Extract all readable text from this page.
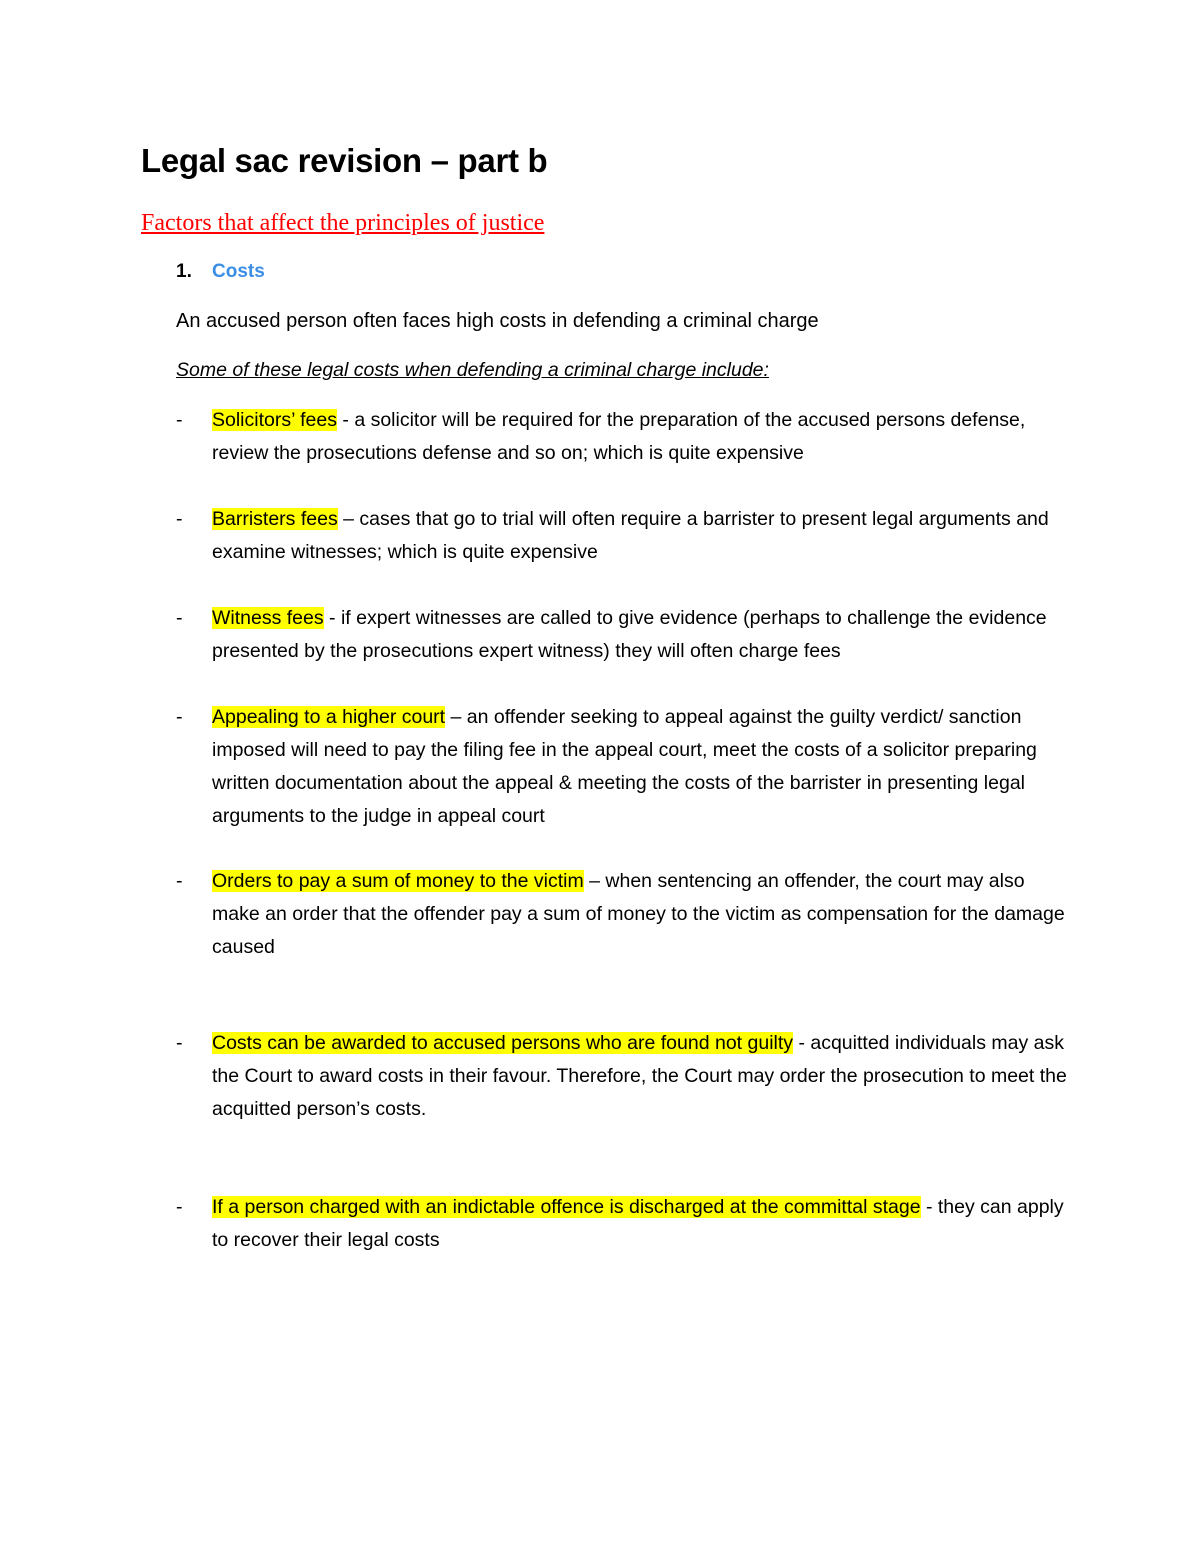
Legal sac revision – part b

Factors that affect the principles of justice

1. Costs
An accused person often faces high costs in defending a criminal charge
Some of these legal costs when defending a criminal charge include:
-	Solicitors’ fees - a solicitor will be required for the preparation of the accused persons defense, review the prosecutions defense and so on; which is quite expensive
-	Barristers fees – cases that go to trial will often require a barrister to present legal arguments and examine witnesses; which is quite expensive
-	Witness fees - if expert witnesses are called to give evidence (perhaps to challenge the evidence presented by the prosecutions expert witness) they will often charge fees
-	Appealing to a higher court – an offender seeking to appeal against the guilty verdict/ sanction imposed will need to pay the filing fee in the appeal court, meet the costs of a solicitor preparing written documentation about the appeal & meeting the costs of the barrister in presenting legal arguments to the judge in appeal court
-	Orders to pay a sum of money to the victim – when sentencing an offender, the court may also make an order that the offender pay a sum of money to the victim as compensation for the damage caused
-	Costs can be awarded to accused persons who are found not guilty - acquitted individuals may ask the Court to award costs in their favour. Therefore, the Court may order the prosecution to meet the acquitted person’s costs.
-	If a person charged with an indictable offence is discharged at the committal stage - they can apply to recover their legal costs
